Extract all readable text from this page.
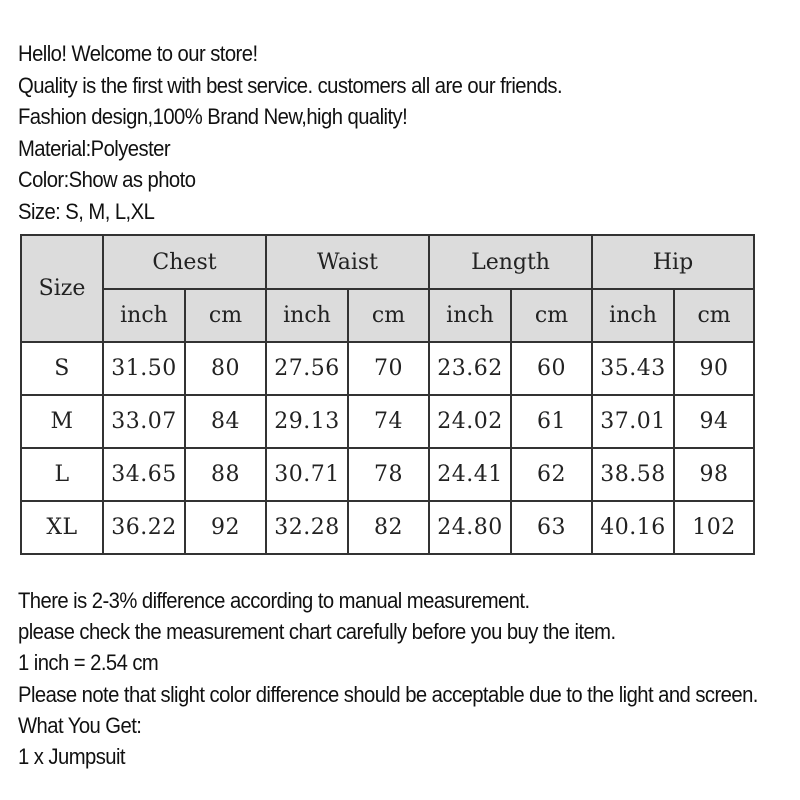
Hello! Welcome to our store!
Quality is the first with best service. customers all are our friends.
Fashion design,100% Brand New,high quality!
Material:Polyester
Color:Show as photo
Size: S, M, L,XL
Size	Chest		Waist		Length		Hip	
	inch	cm	inch	cm	inch	cm	inch	cm
S	31.50	80	27.56	70	23.62	60	35.43	90
M	33.07	84	29.13	74	24.02	61	37.01	94
L	34.65	88	30.71	78	24.41	62	38.58	98
XL	36.22	92	32.28	82	24.80	63	40.16	102
There is 2-3% difference according to manual measurement.
please check the measurement chart carefully before you buy the item.
1 inch = 2.54 cm
Please note that slight color difference should be acceptable due to the light and screen.
What You Get:
1 x Jumpsuit
